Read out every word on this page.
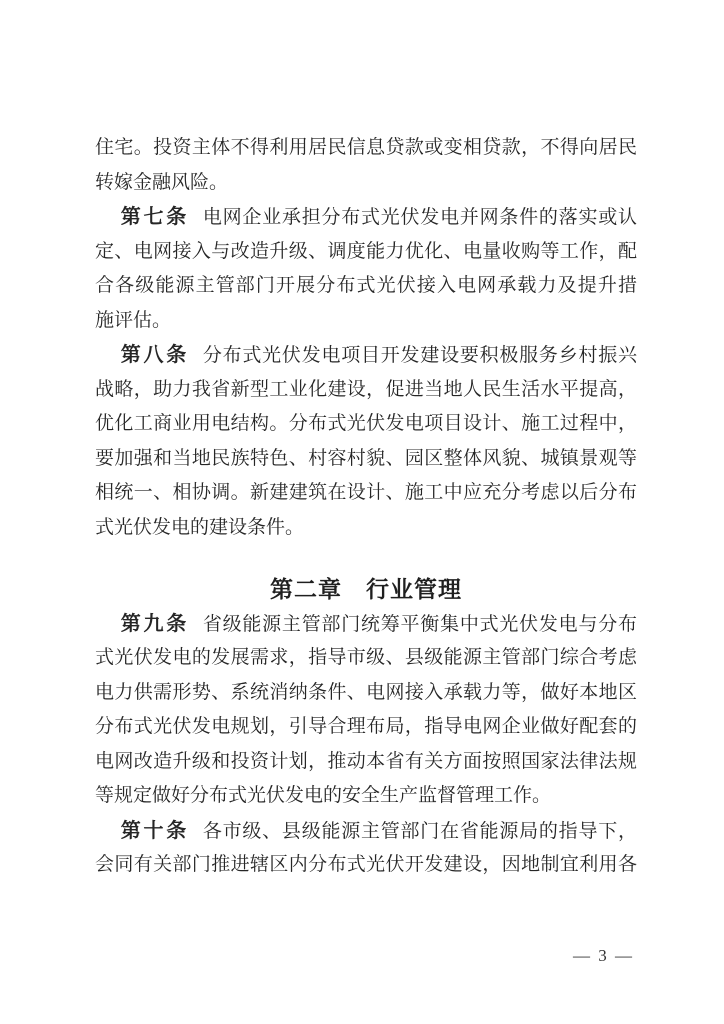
住宅。投资主体不得利用居民信息贷款或变相贷款，不得向居民
转嫁金融风险。
第七条 电网企业承担分布式光伏发电并网条件的落实或认
定、电网接入与改造升级、调度能力优化、电量收购等工作，配
合各级能源主管部门开展分布式光伏接入电网承载力及提升措
施评估。
第八条 分布式光伏发电项目开发建设要积极服务乡村振兴
战略，助力我省新型工业化建设，促进当地人民生活水平提高，
优化工商业用电结构。分布式光伏发电项目设计、施工过程中，
要加强和当地民族特色、村容村貌、园区整体风貌、城镇景观等
相统一、相协调。新建建筑在设计、施工中应充分考虑以后分布
式光伏发电的建设条件。
第二章　行业管理
第九条 省级能源主管部门统筹平衡集中式光伏发电与分布
式光伏发电的发展需求，指导市级、县级能源主管部门综合考虑
电力供需形势、系统消纳条件、电网接入承载力等，做好本地区
分布式光伏发电规划，引导合理布局，指导电网企业做好配套的
电网改造升级和投资计划，推动本省有关方面按照国家法律法规
等规定做好分布式光伏发电的安全生产监督管理工作。
第十条 各市级、县级能源主管部门在省能源局的指导下，
会同有关部门推进辖区内分布式光伏开发建设，因地制宜利用各
— 3 —
